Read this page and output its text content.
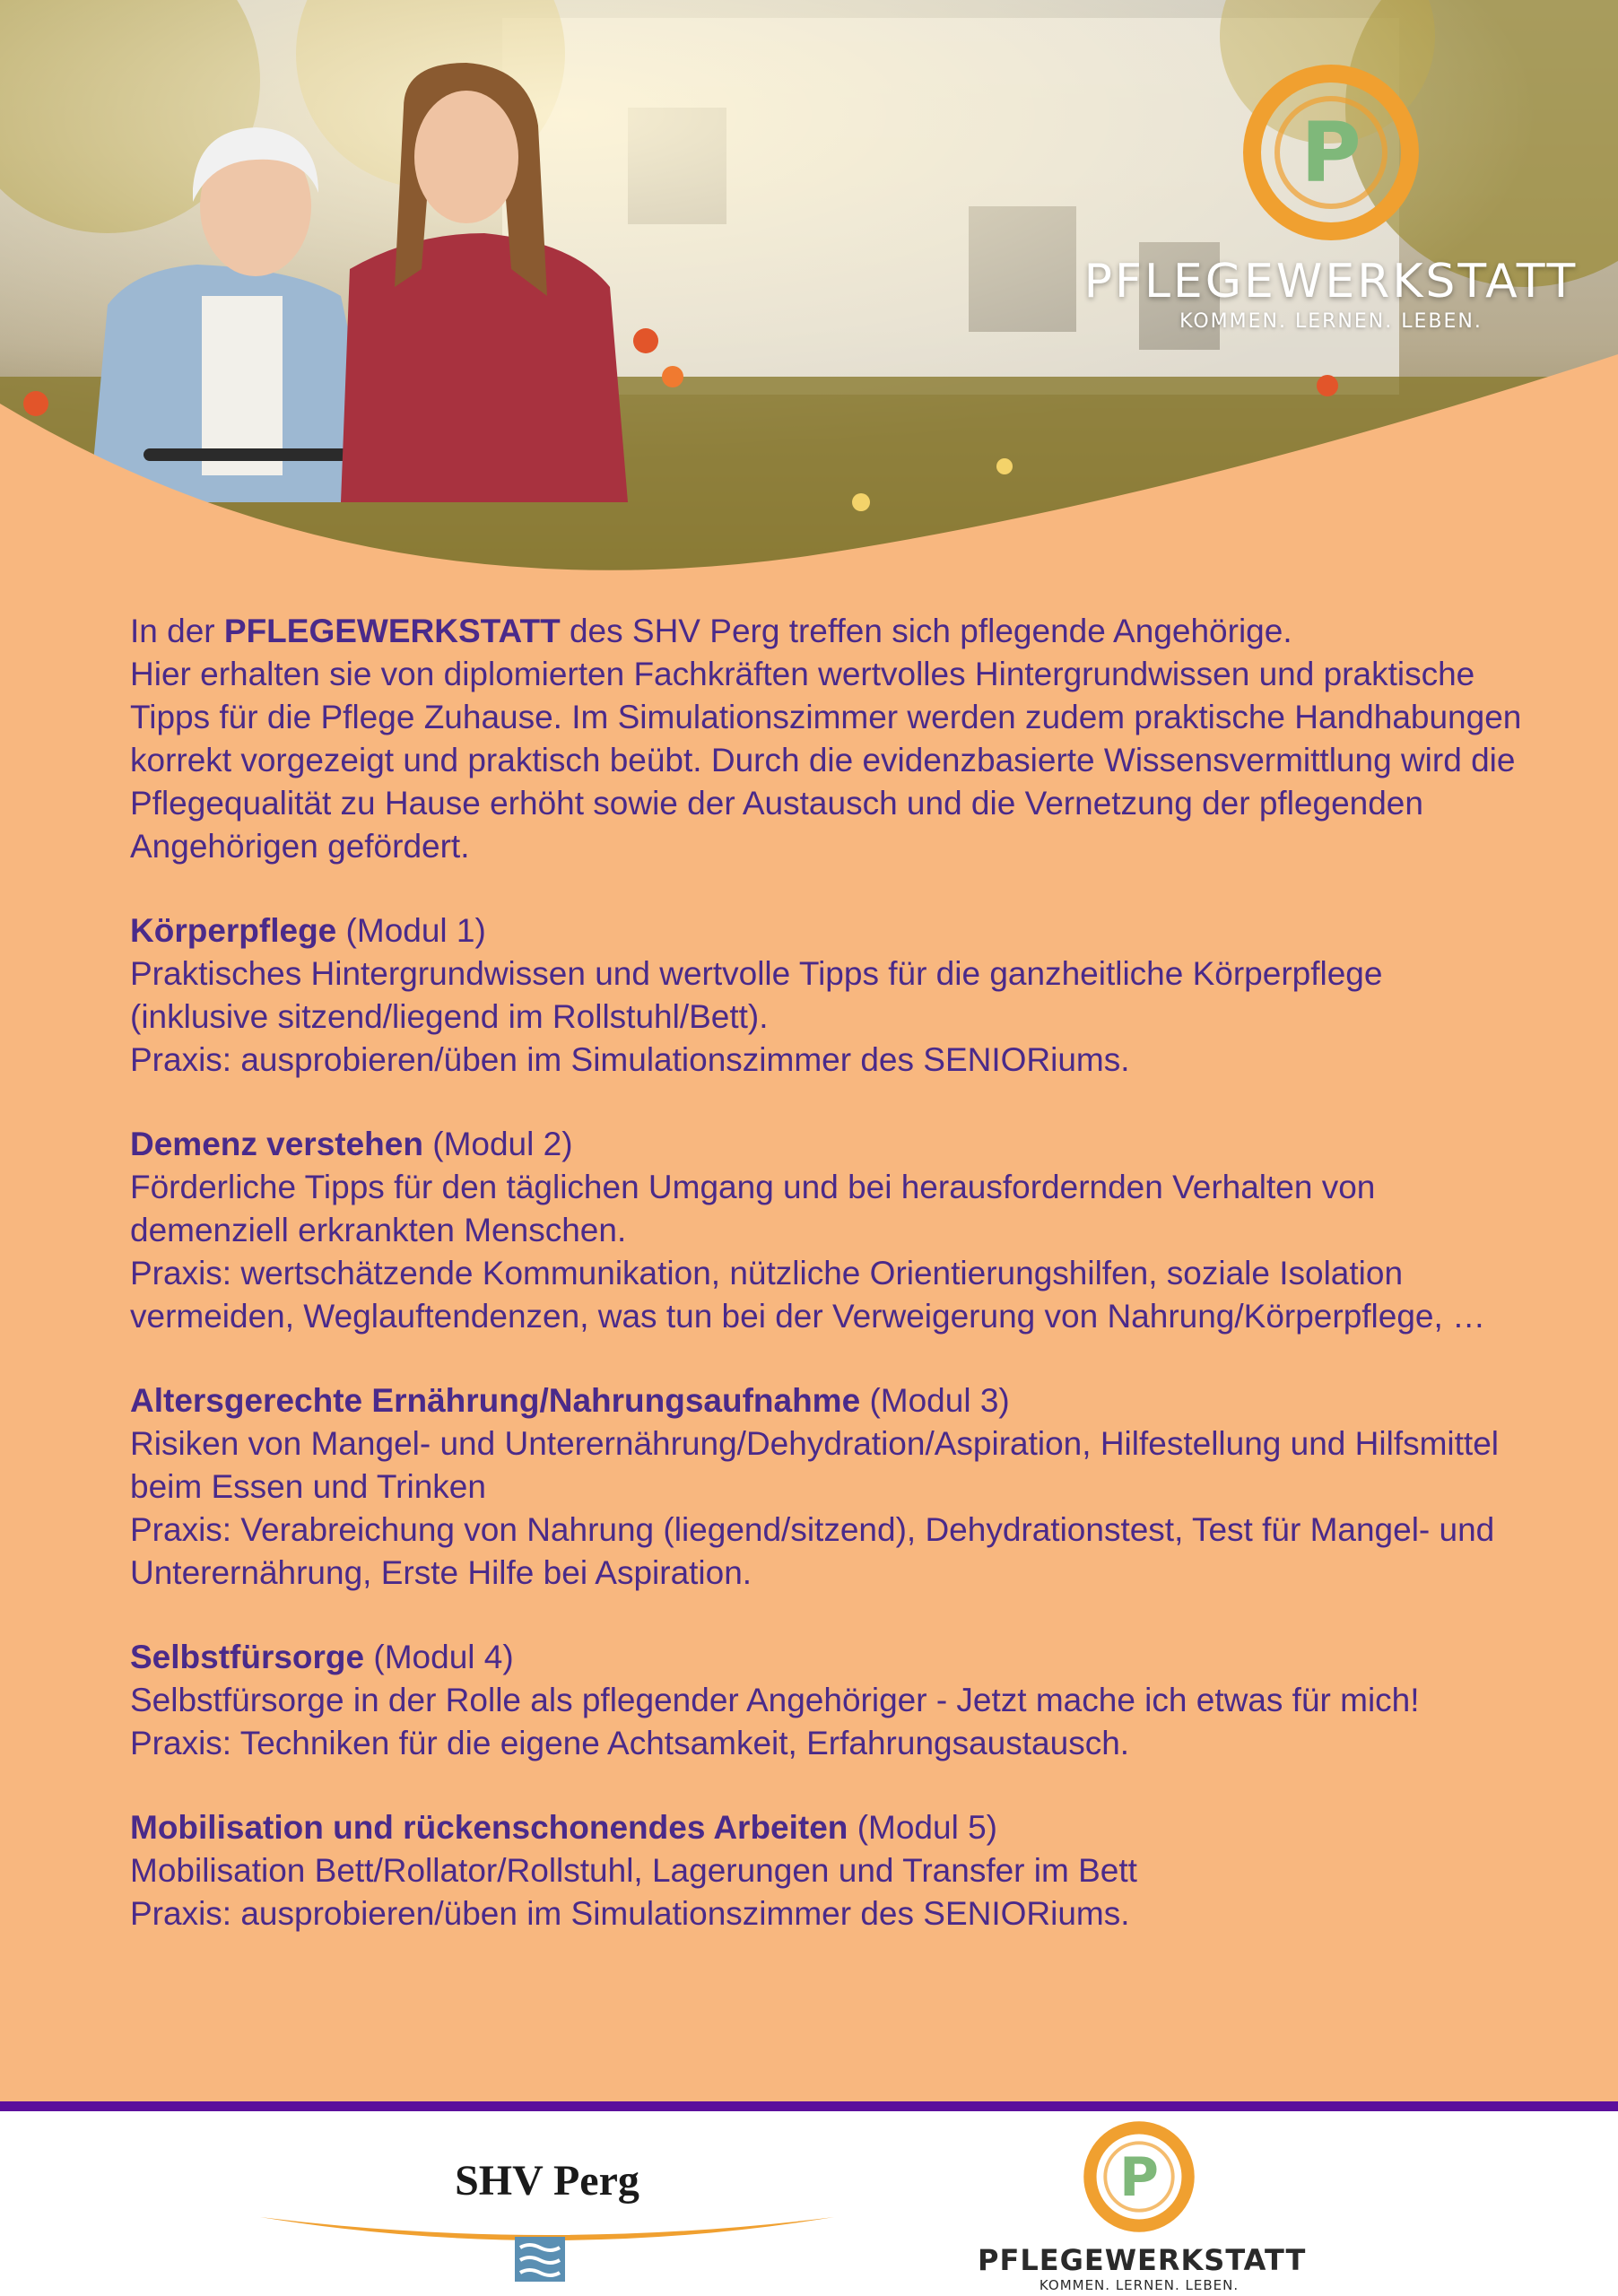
P
PFLEGEWERKSTATT
KOMMEN. LERNEN. LEBEN.

In der PFLEGEWERKSTATT des SHV Perg treffen sich pflegende Angehörige.

Hier erhalten sie von diplomierten Fachkräften wertvolles Hintergrundwissen und praktische Tipps für die Pflege Zuhause. Im Simulationszimmer werden zudem praktische Handhabungen korrekt vorgezeigt und praktisch beübt. Durch die evidenzbasierte Wissensvermittlung wird die Pflegequalität zu Hause erhöht sowie der Austausch und die Vernetzung der pflegenden Angehörigen gefördert.

Körperpflege (Modul 1)

Praktisches Hintergrundwissen und wertvolle Tipps für die ganzheitliche Körperpflege (inklusive sitzend/liegend im Rollstuhl/Bett).

Praxis: ausprobieren/üben im Simulationszimmer des SENIORiums.

Demenz verstehen (Modul 2)

Förderliche Tipps für den täglichen Umgang und bei herausfordernden Verhalten von demenziell erkrankten Menschen.

Praxis: wertschätzende Kommunikation, nützliche Orientierungshilfen, soziale Isolation vermeiden, Weglauftendenzen, was tun bei der Verweigerung von Nahrung/Körperpflege, …

Altersgerechte Ernährung/Nahrungsaufnahme (Modul 3)

Risiken von Mangel- und Unterernährung/Dehydration/Aspiration, Hilfestellung und Hilfsmittel beim Essen und Trinken

Praxis: Verabreichung von Nahrung (liegend/sitzend), Dehydrationstest, Test für Mangel- und Unterernährung, Erste Hilfe bei Aspiration.

Selbstfürsorge (Modul 4)

Selbstfürsorge in der Rolle als pflegender Angehöriger - Jetzt mache ich etwas für mich!

Praxis: Techniken für die eigene Achtsamkeit, Erfahrungsaustausch.

Mobilisation und rückenschonendes Arbeiten (Modul 5)

Mobilisation Bett/Rollator/Rollstuhl, Lagerungen und Transfer im Bett

Praxis: ausprobieren/üben im Simulationszimmer des SENIORiums.

SHV Perg	P
PFLEGEWERKSTATT
KOMMEN. LERNEN. LEBEN.
